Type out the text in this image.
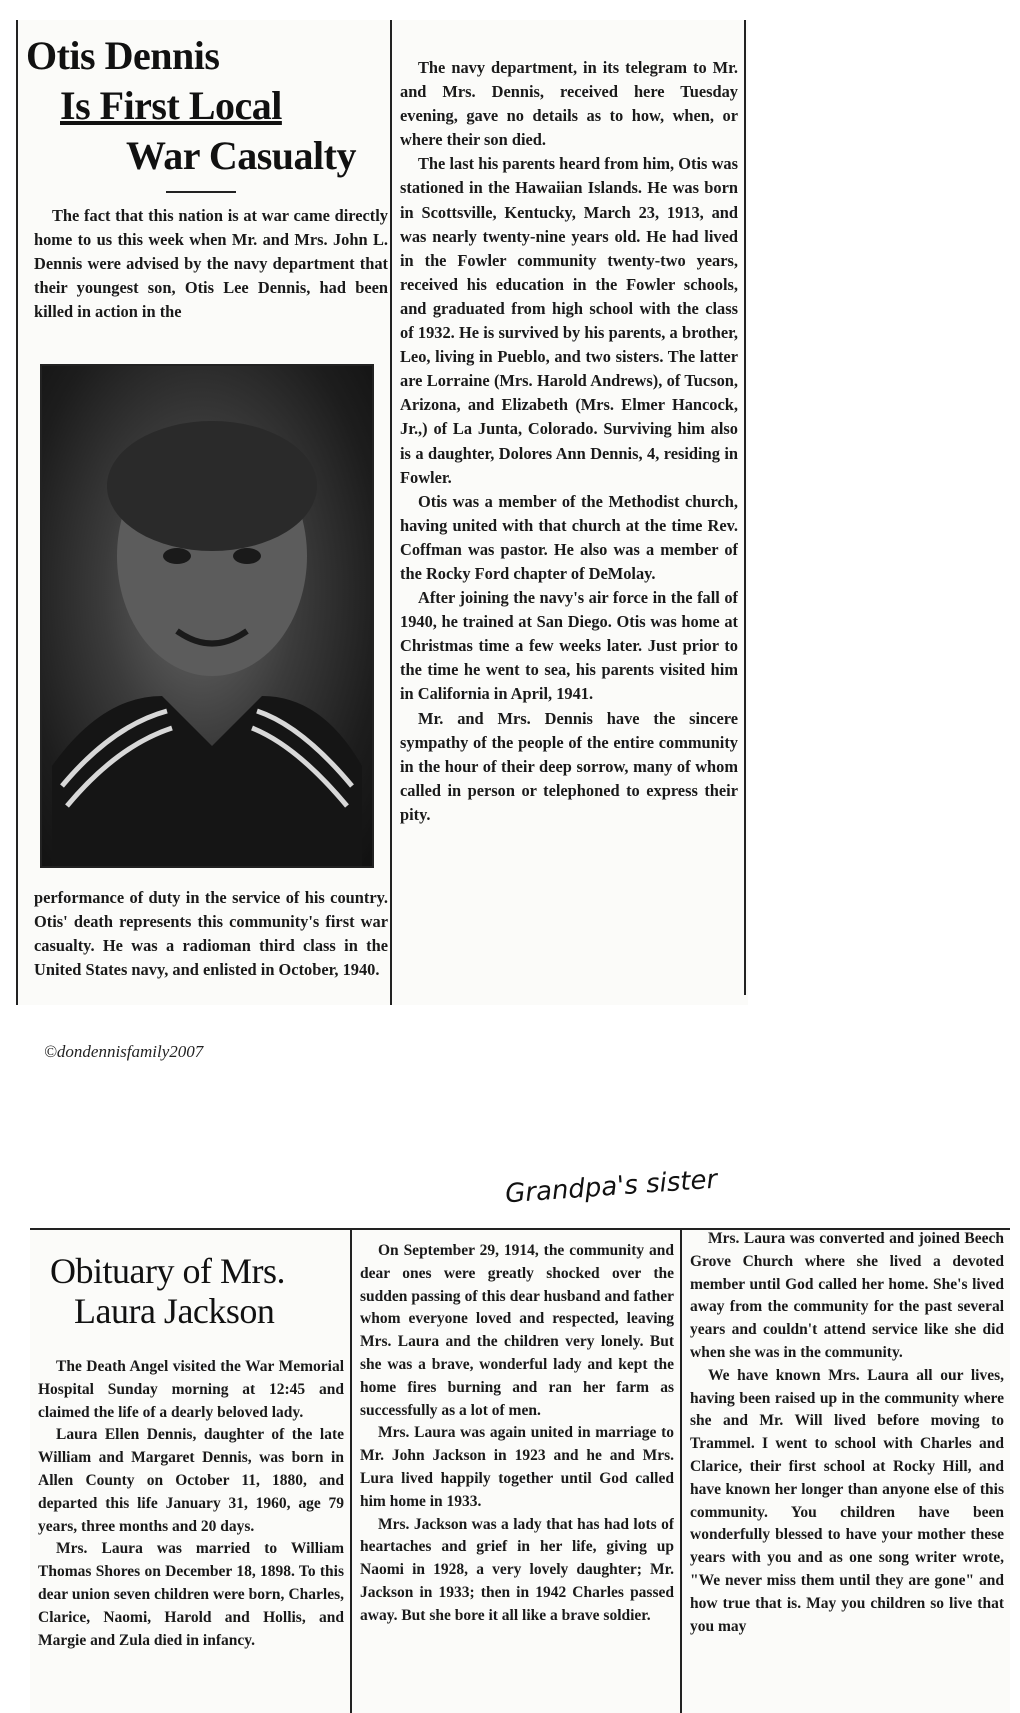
Otis Dennis
Is First Local
War Casualty

The fact that this nation is at war came directly home to us this week when Mr. and Mrs. John L. Dennis were advised by the navy department that their youngest son, Otis Lee Dennis, had been killed in action in the

performance of duty in the service of his country. Otis' death represents this community's first war casualty. He was a radioman third class in the United States navy, and enlisted in October, 1940.

The navy department, in its telegram to Mr. and Mrs. Dennis, received here Tuesday evening, gave no details as to how, when, or where their son died.

The last his parents heard from him, Otis was stationed in the Hawaiian Islands. He was born in Scottsville, Kentucky, March 23, 1913, and was nearly twenty-nine years old. He had lived in the Fowler community twenty-two years, received his education in the Fowler schools, and graduated from high school with the class of 1932. He is survived by his parents, a brother, Leo, living in Pueblo, and two sisters. The latter are Lorraine (Mrs. Harold Andrews), of Tucson, Arizona, and Elizabeth (Mrs. Elmer Hancock, Jr.,) of La Junta, Colorado. Surviving him also is a daughter, Dolores Ann Dennis, 4, residing in Fowler.

Otis was a member of the Methodist church, having united with that church at the time Rev. Coffman was pastor. He also was a member of the Rocky Ford chapter of DeMolay.

After joining the navy's air force in the fall of 1940, he trained at San Diego. Otis was home at Christmas time a few weeks later. Just prior to the time he went to sea, his parents visited him in California in April, 1941.

Mr. and Mrs. Dennis have the sincere sympathy of the people of the entire community in the hour of their deep sorrow, many of whom called in person or telephoned to express their pity.

©dondennisfamily2007
Grandpa's sister
Obituary of Mrs.
Laura Jackson

The Death Angel visited the War Memorial Hospital Sunday morning at 12:45 and claimed the life of a dearly beloved lady.

Laura Ellen Dennis, daughter of the late William and Margaret Dennis, was born in Allen County on October 11, 1880, and departed this life January 31, 1960, age 79 years, three months and 20 days.

Mrs. Laura was married to William Thomas Shores on December 18, 1898. To this dear union seven children were born, Charles, Clarice, Naomi, Harold and Hollis, and Margie and Zula died in infancy.

On September 29, 1914, the community and dear ones were greatly shocked over the sudden passing of this dear husband and father whom everyone loved and respected, leaving Mrs. Laura and the children very lonely. But she was a brave, wonderful lady and kept the home fires burning and ran her farm as successfully as a lot of men.

Mrs. Laura was again united in marriage to Mr. John Jackson in 1923 and he and Mrs. Lura lived happily together until God called him home in 1933.

Mrs. Jackson was a lady that has had lots of heartaches and grief in her life, giving up Naomi in 1928, a very lovely daughter; Mr. Jackson in 1933; then in 1942 Charles passed away. But she bore it all like a brave soldier.

Mrs. Laura was converted and joined Beech Grove Church where she lived a devoted member until God called her home. She's lived away from the community for the past several years and couldn't attend service like she did when she was in the community.

We have known Mrs. Laura all our lives, having been raised up in the community where she and Mr. Will lived before moving to Trammel. I went to school with Charles and Clarice, their first school at Rocky Hill, and have known her longer than anyone else of this community. You children have been wonderfully blessed to have your mother these years with you and as one song writer wrote, "We never miss them until they are gone" and how true that is. May you children so live that you may
